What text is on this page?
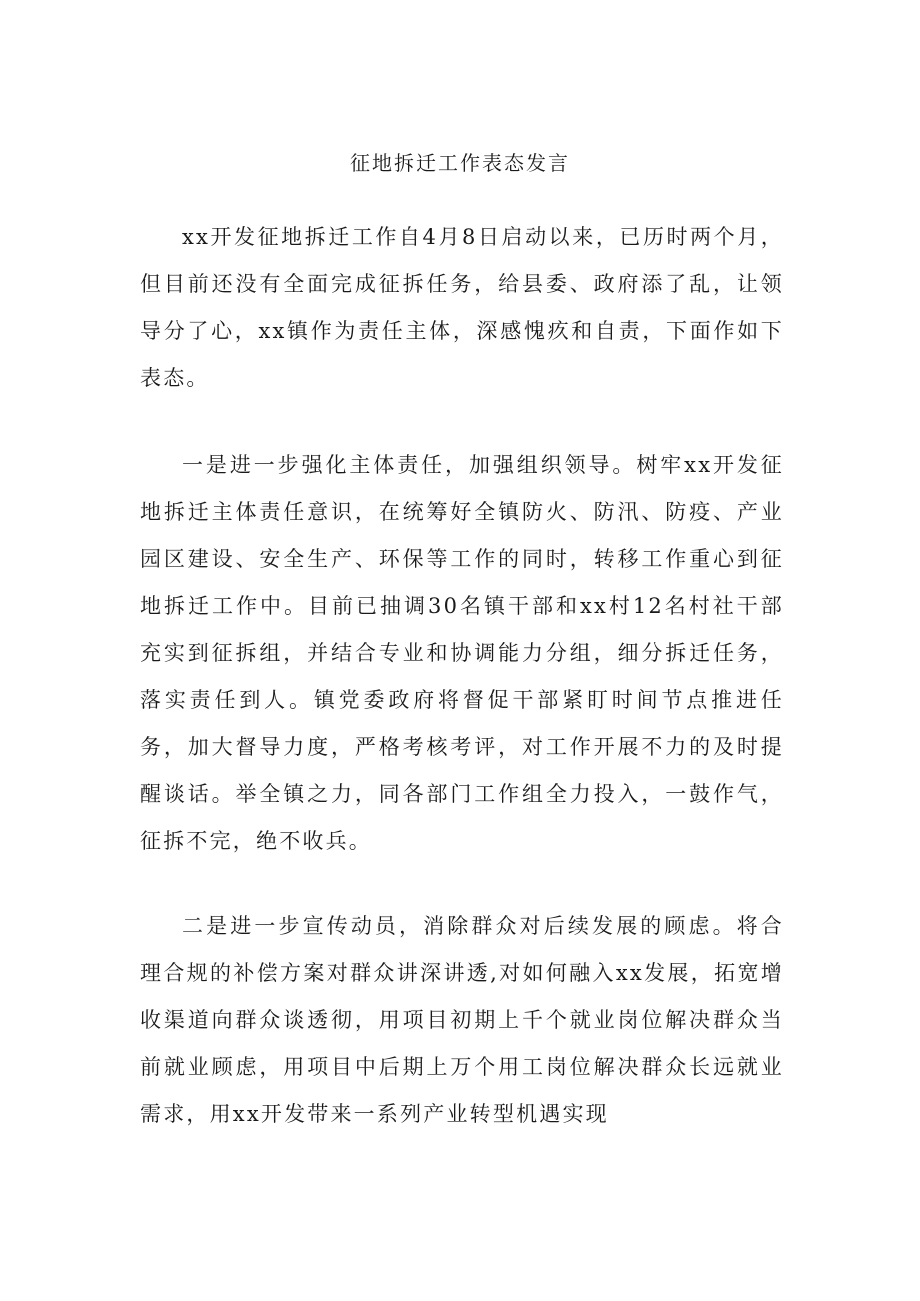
征地拆迁工作表态发言

xx开发征地拆迁工作自4月8日启动以来，已历时两个月，但目前还没有全面完成征拆任务，给县委、政府添了乱，让领导分了心，xx镇作为责任主体，深感愧疚和自责，下面作如下表态。

一是进一步强化主体责任，加强组织领导。树牢xx开发征地拆迁主体责任意识，在统筹好全镇防火、防汛、防疫、产业园区建设、安全生产、环保等工作的同时，转移工作重心到征地拆迁工作中。目前已抽调30名镇干部和xx村12名村社干部充实到征拆组，并结合专业和协调能力分组，细分拆迁任务，落实责任到人。镇党委政府将督促干部紧盯时间节点推进任务，加大督导力度，严格考核考评，对工作开展不力的及时提醒谈话。举全镇之力，同各部门工作组全力投入，一鼓作气，征拆不完，绝不收兵。

二是进一步宣传动员，消除群众对后续发展的顾虑。将合理合规的补偿方案对群众讲深讲透,对如何融入xx发展，拓宽增收渠道向群众谈透彻，用项目初期上千个就业岗位解决群众当前就业顾虑，用项目中后期上万个用工岗位解决群众长远就业需求，用xx开发带来一系列产业转型机遇实现
